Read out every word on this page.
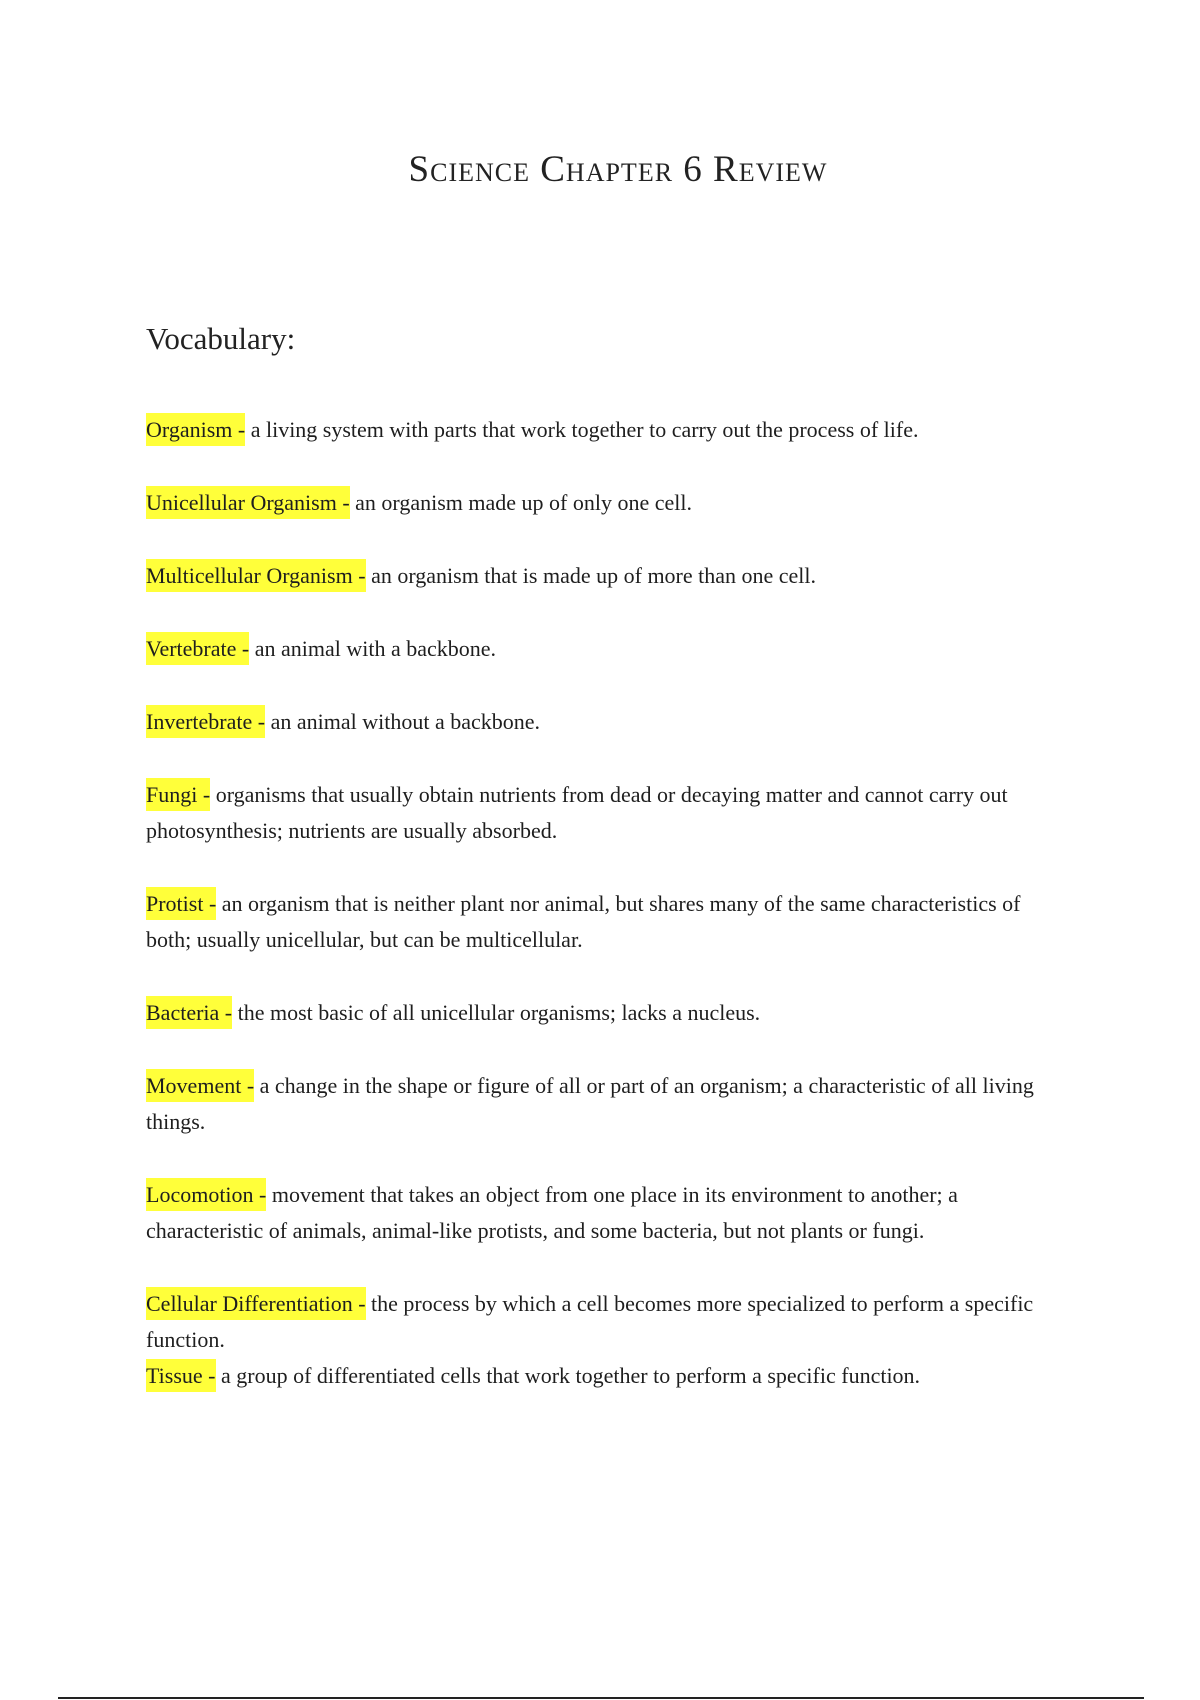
Science Chapter 6 Review
Vocabulary:

Organism - a living system with parts that work together to carry out the process of life.

Unicellular Organism - an organism made up of only one cell.

Multicellular Organism - an organism that is made up of more than one cell.

Vertebrate - an animal with a backbone.

Invertebrate - an animal without a backbone.

Fungi - organisms that usually obtain nutrients from dead or decaying matter and cannot carry out photosynthesis; nutrients are usually absorbed.

Protist - an organism that is neither plant nor animal, but shares many of the same characteristics of both; usually unicellular, but can be multicellular.

Bacteria - the most basic of all unicellular organisms; lacks a nucleus.

Movement - a change in the shape or figure of all or part of an organism; a characteristic of all living things.

Locomotion - movement that takes an object from one place in its environment to another; a characteristic of animals, animal-like protists, and some bacteria, but not plants or fungi.

Cellular Differentiation - the process by which a cell becomes more specialized to perform a specific function.

Tissue - a group of differentiated cells that work together to perform a specific function.
